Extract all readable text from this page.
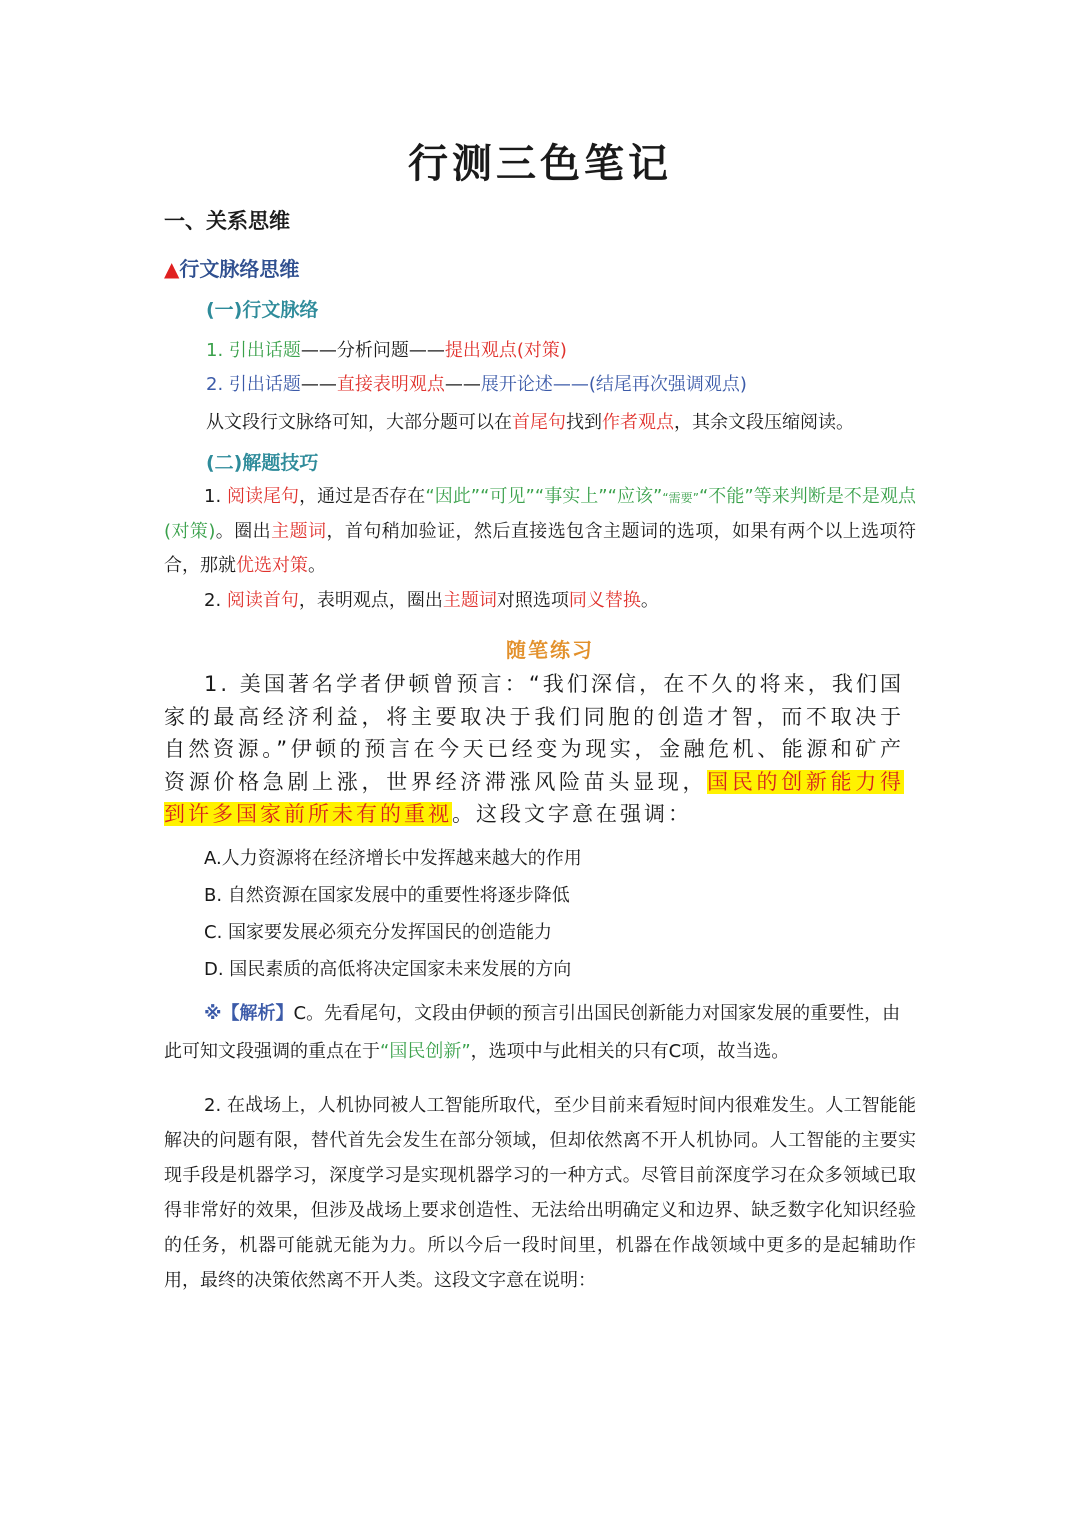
行测三色笔记
一、关系思维
▲行文脉络思维
(一)行文脉络
1. 引出话题——分析问题——提出观点(对策)
2. 引出话题——直接表明观点——展开论述——(结尾再次强调观点)
从文段行文脉络可知，大部分题可以在首尾句找到作者观点，其余文段压缩阅读。
(二)解题技巧
1. 阅读尾句，通过是否存在“因此”“可见”“事实上”“应该”“需要”“不能”等来判断是不是观点(对策)。圈出主题词，首句稍加验证，然后直接选包含主题词的选项，如果有两个以上选项符合，那就优选对策。
2. 阅读首句，表明观点，圈出主题词对照选项同义替换。
随笔练习
1. 美国著名学者伊顿曾预言：“我们深信，在不久的将来，我们国家的最高经济利益，将主要取决于我们同胞的创造才智，而不取决于自然资源。”伊顿的预言在今天已经变为现实，金融危机、能源和矿产资源价格急剧上涨，世界经济滞涨风险苗头显现，国民的创新能力得到许多国家前所未有的重视。这段文字意在强调：
A.人力资源将在经济增长中发挥越来越大的作用
B. 自然资源在国家发展中的重要性将逐步降低
C. 国家要发展必须充分发挥国民的创造能力
D. 国民素质的高低将决定国家未来发展的方向
※【解析】C。先看尾句，文段由伊顿的预言引出国民创新能力对国家发展的重要性，由此可知文段强调的重点在于“国民创新”，选项中与此相关的只有C项，故当选。
2. 在战场上，人机协同被人工智能所取代，至少目前来看短时间内很难发生。人工智能能解决的问题有限，替代首先会发生在部分领域，但却依然离不开人机协同。人工智能的主要实现手段是机器学习，深度学习是实现机器学习的一种方式。尽管目前深度学习在众多领域已取得非常好的效果，但涉及战场上要求创造性、无法给出明确定义和边界、缺乏数字化知识经验的任务，机器可能就无能为力。所以今后一段时间里，机器在作战领域中更多的是起辅助作用，最终的决策依然离不开人类。这段文字意在说明：
